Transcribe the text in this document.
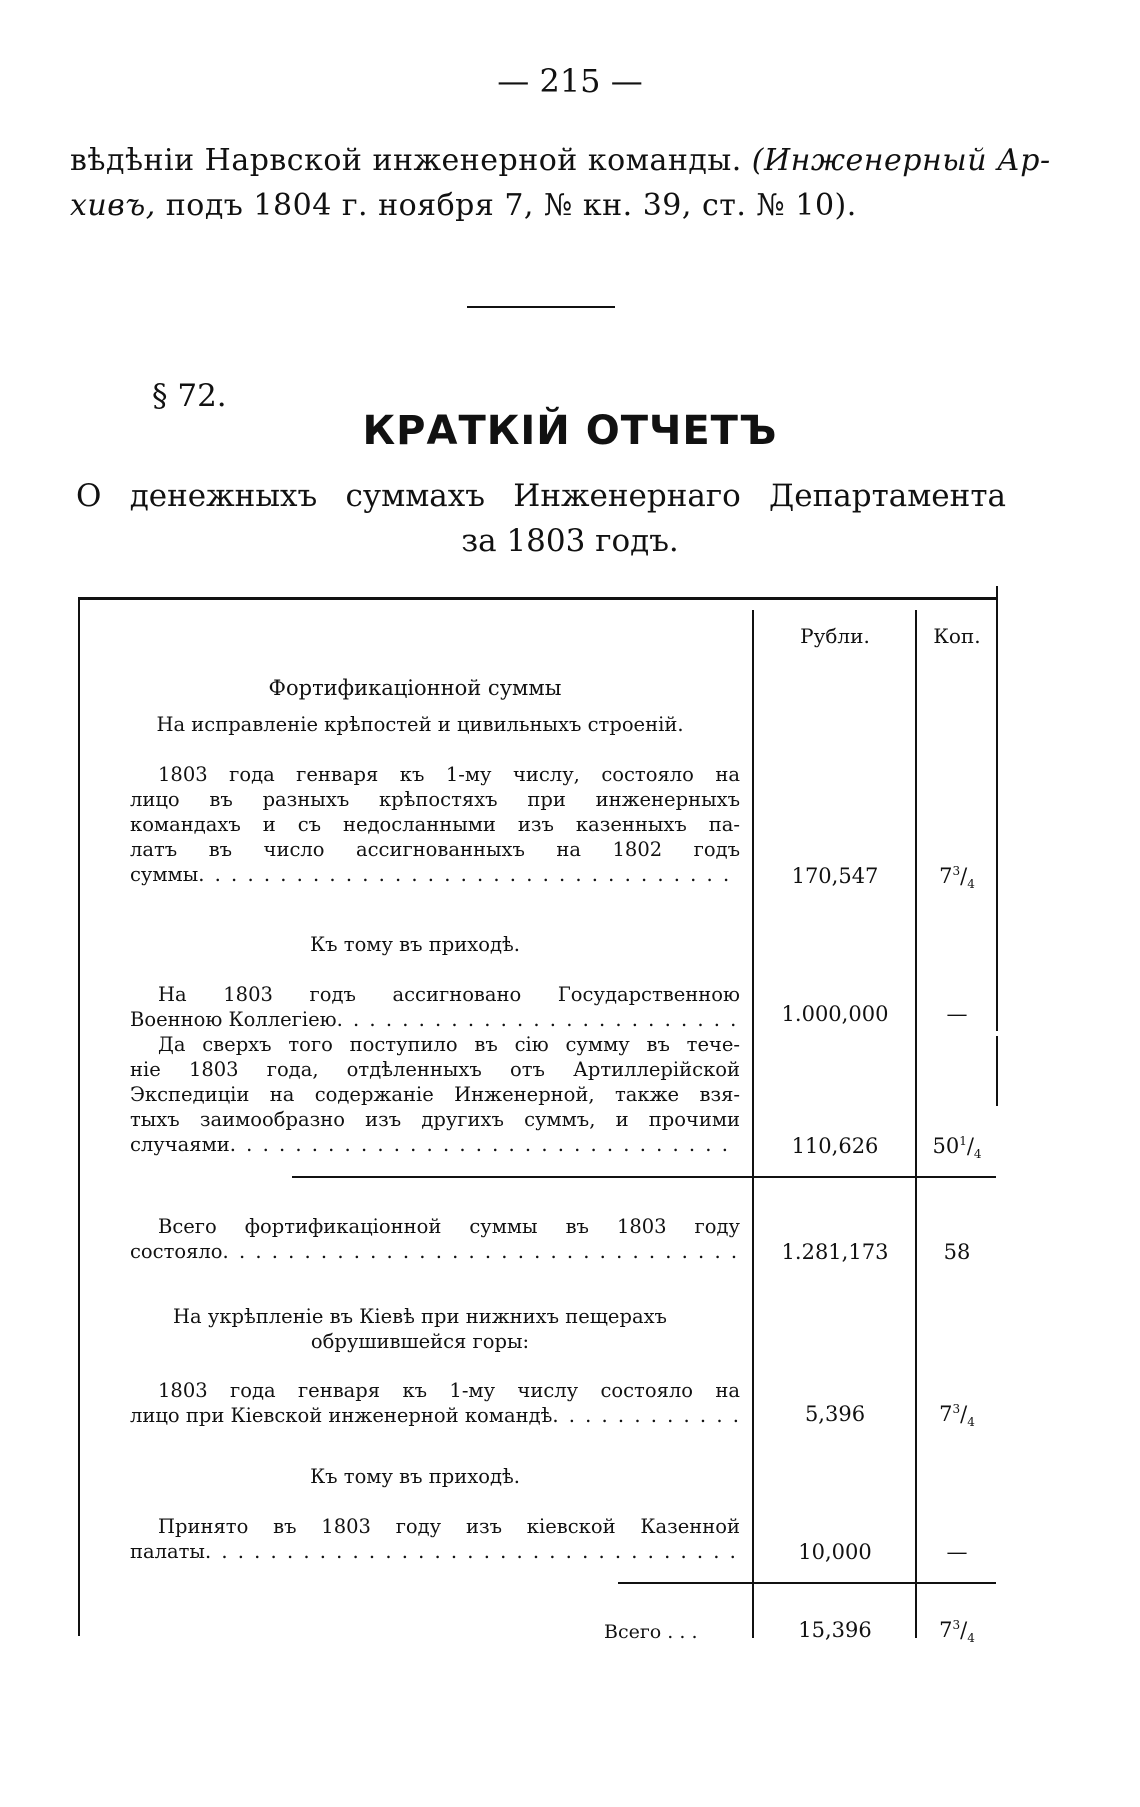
— 215 —
вѣдѣніи Нарвской инженерной команды. (Инженерный Ар-
хивъ, подъ 1804 г. ноября 7, № кн. 39, ст. № 10).
§ 72.
КРАТКІЙ ОТЧЕТЪ
О денежныхъ суммахъ Инженернаго Департамента
за 1803 годъ.
Рубли.	Коп.
Фортификаціонной суммы
На исправленіе крѣпостей и цивильныхъ строеній.
1803 года генваря къ 1-му числу, состояло на
лицо въ разныхъ крѣпостяхъ при инженерныхъ
командахъ и съ недосланными изъ казенныхъ па-
латъ въ число ассигнованныхъ на 1802 годъ
суммы . . .	170,547	$7^3/_4$
Къ тому въ приходѣ.
На 1803 годъ ассигновано Государственною
Военною Коллегіею . . .	1.000,000	—
Да сверхъ того поступило въ сію сумму въ тече-
ніе 1803 года, отдѣленныхъ отъ Артиллерійской
Экспедиціи на содержаніе Инженерной, также взя-
тыхъ заимообразно изъ другихъ суммъ, и прочими
случаями . . .	110,626	$50^1/_4$
Всего фортификаціонной суммы въ 1803 году
состояло . . .	1.281,173	58
На укрѣпленіе въ Кіевѣ при нижнихъ пещерахъ
обрушившейся горы:
1803 года генваря къ 1-му числу состояло на
лицо при Кіевской инженерной командѣ . . .	5,396	$7^3/_4$
Къ тому въ приходѣ.
Принято въ 1803 году изъ кіевской Казенной
палаты . . .	10,000	—
Всего . . .	15,396	$7^3/_4$
